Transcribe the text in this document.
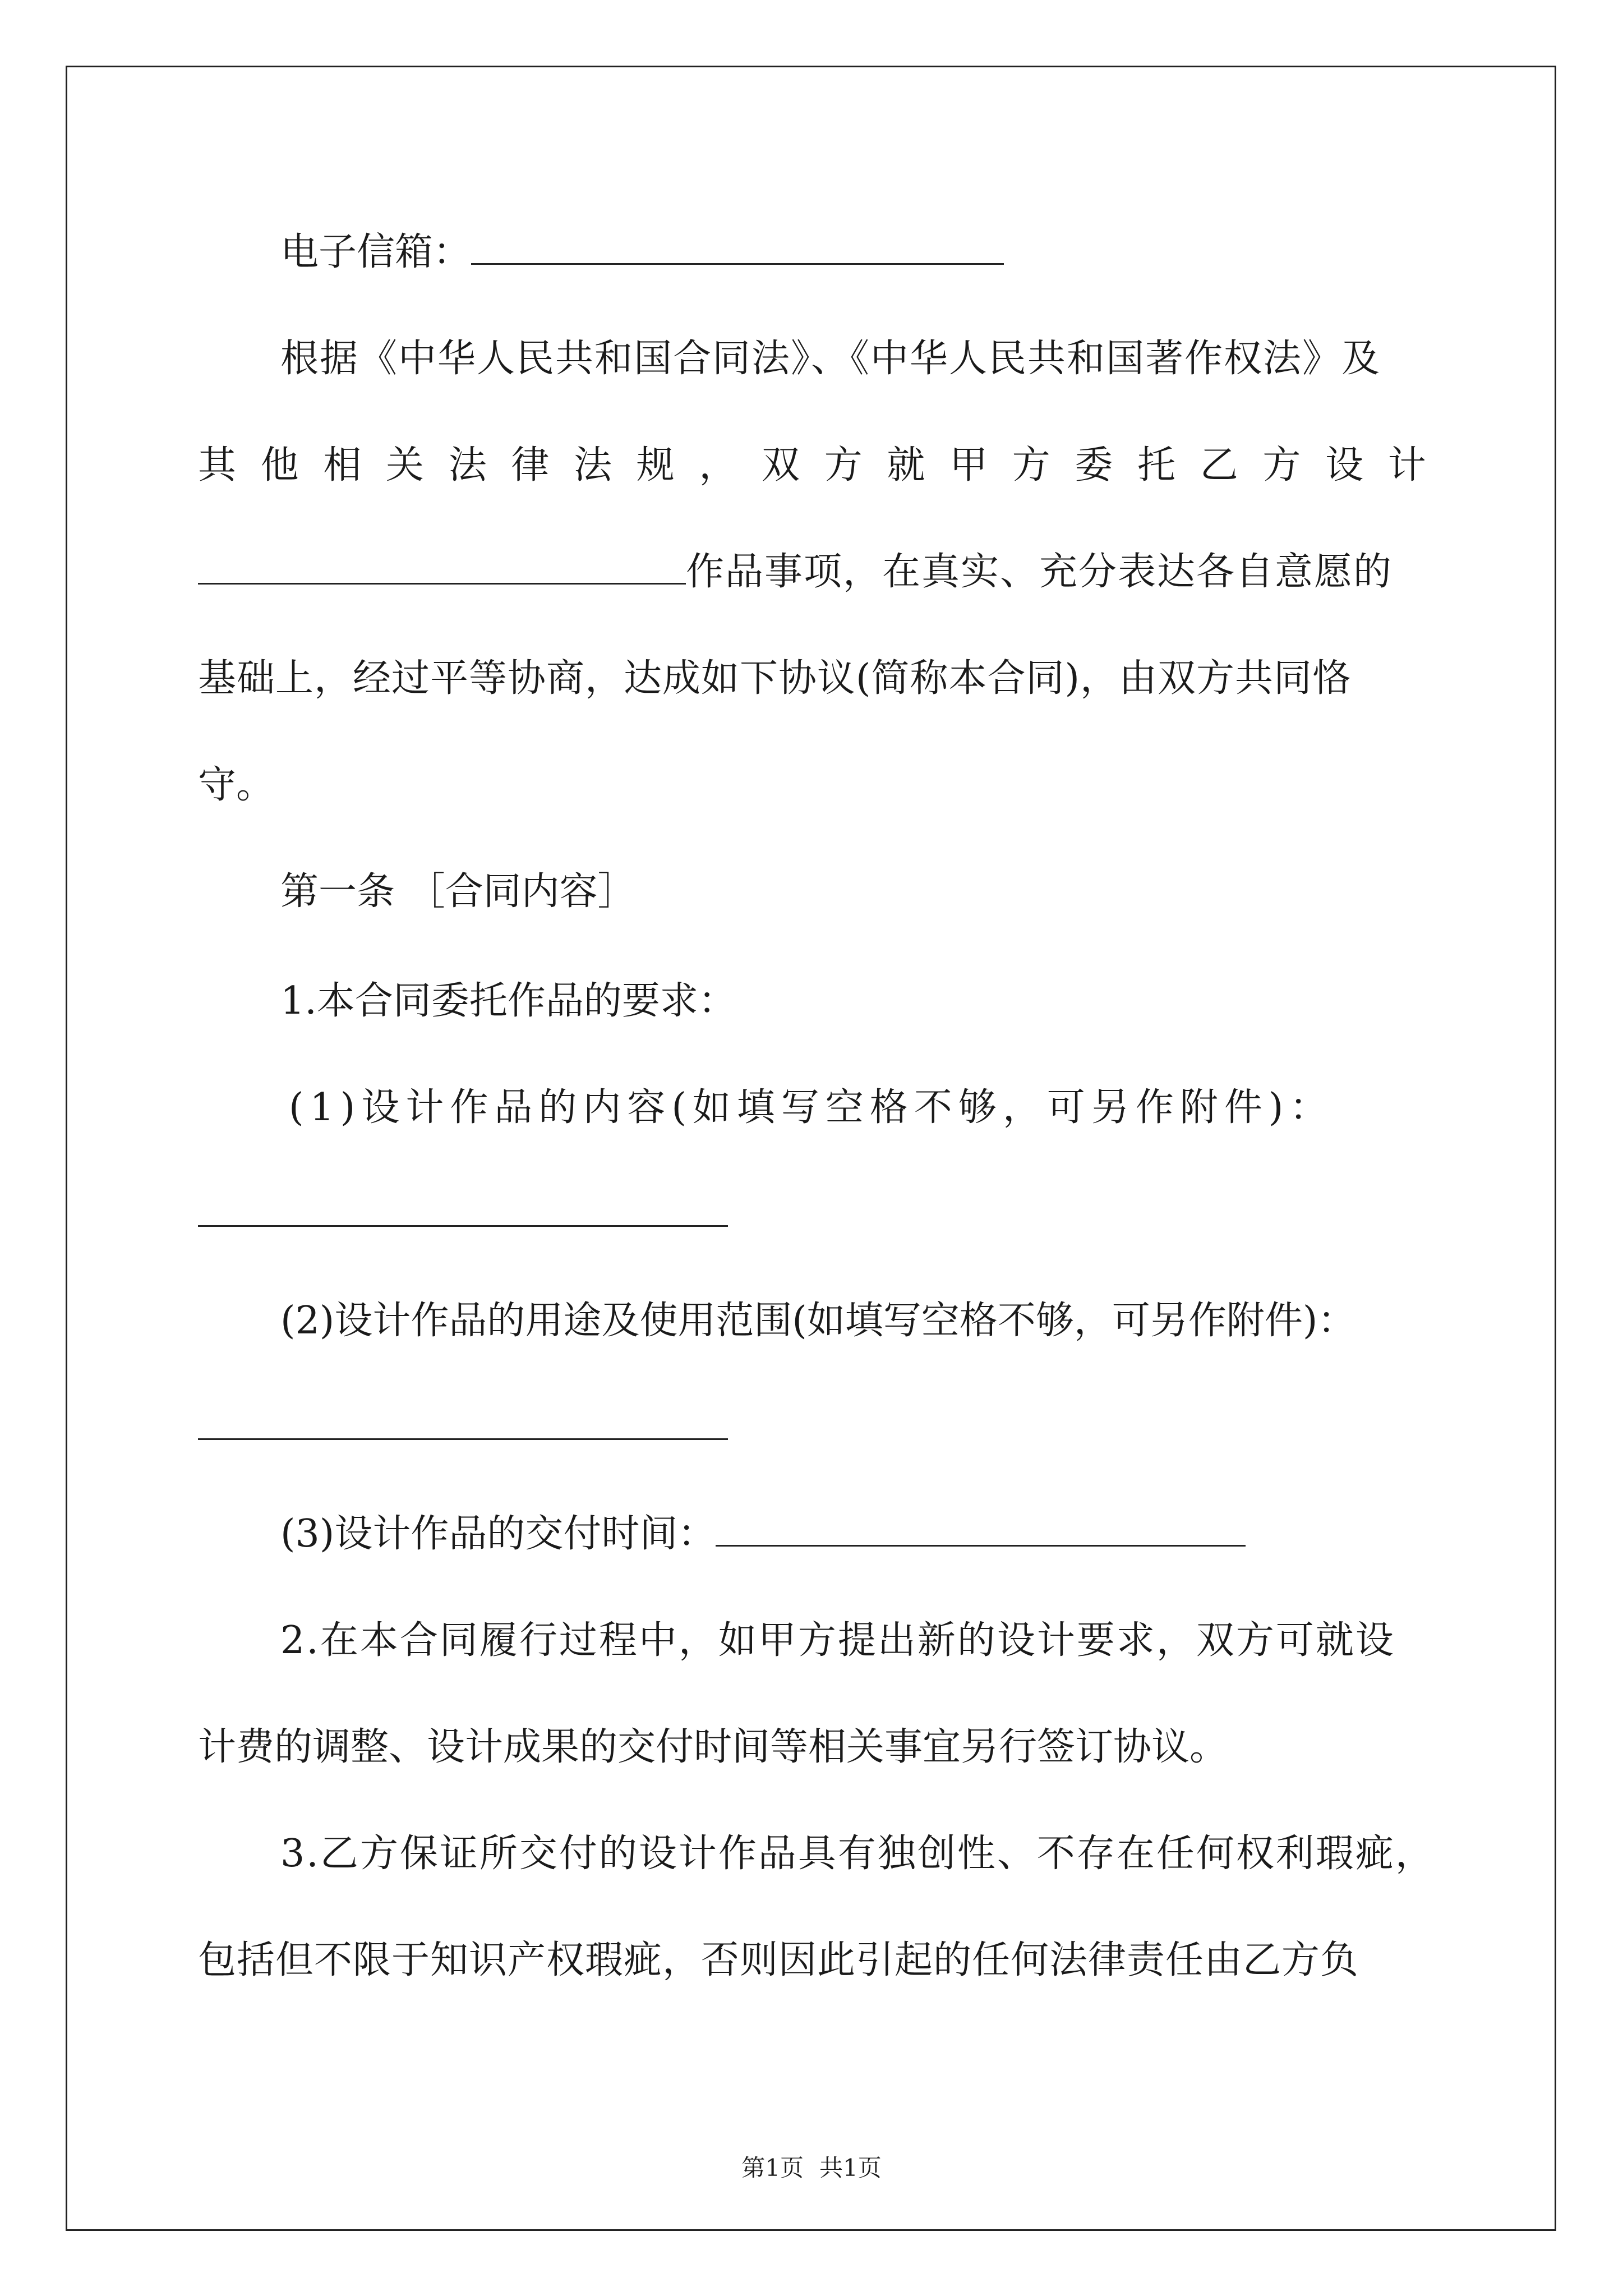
电子信箱：
根据《中华人民共和国合同法》、《中华人民共和国著作权法》及
其 他 相 关 法 律 法 规 ， 双 方 就 甲 方 委 托 乙 方 设 计
作品事项，在真实、充分表达各自意愿的
基础上，经过平等协商，达成如下协议(简称本合同)，由双方共同恪
守。
第一条 ［合同内容］
1.本合同委托作品的要求：
(1)设计作品的内容(如填写空格不够，可另作附件)：
(2)设计作品的用途及使用范围(如填写空格不够，可另作附件)：
(3)设计作品的交付时间：
2.在本合同履行过程中，如甲方提出新的设计要求，双方可就设
计费的调整、设计成果的交付时间等相关事宜另行签订协议。
3.乙方保证所交付的设计作品具有独创性、不存在任何权利瑕疵，
包括但不限于知识产权瑕疵，否则因此引起的任何法律责任由乙方负
第1页 共1页
